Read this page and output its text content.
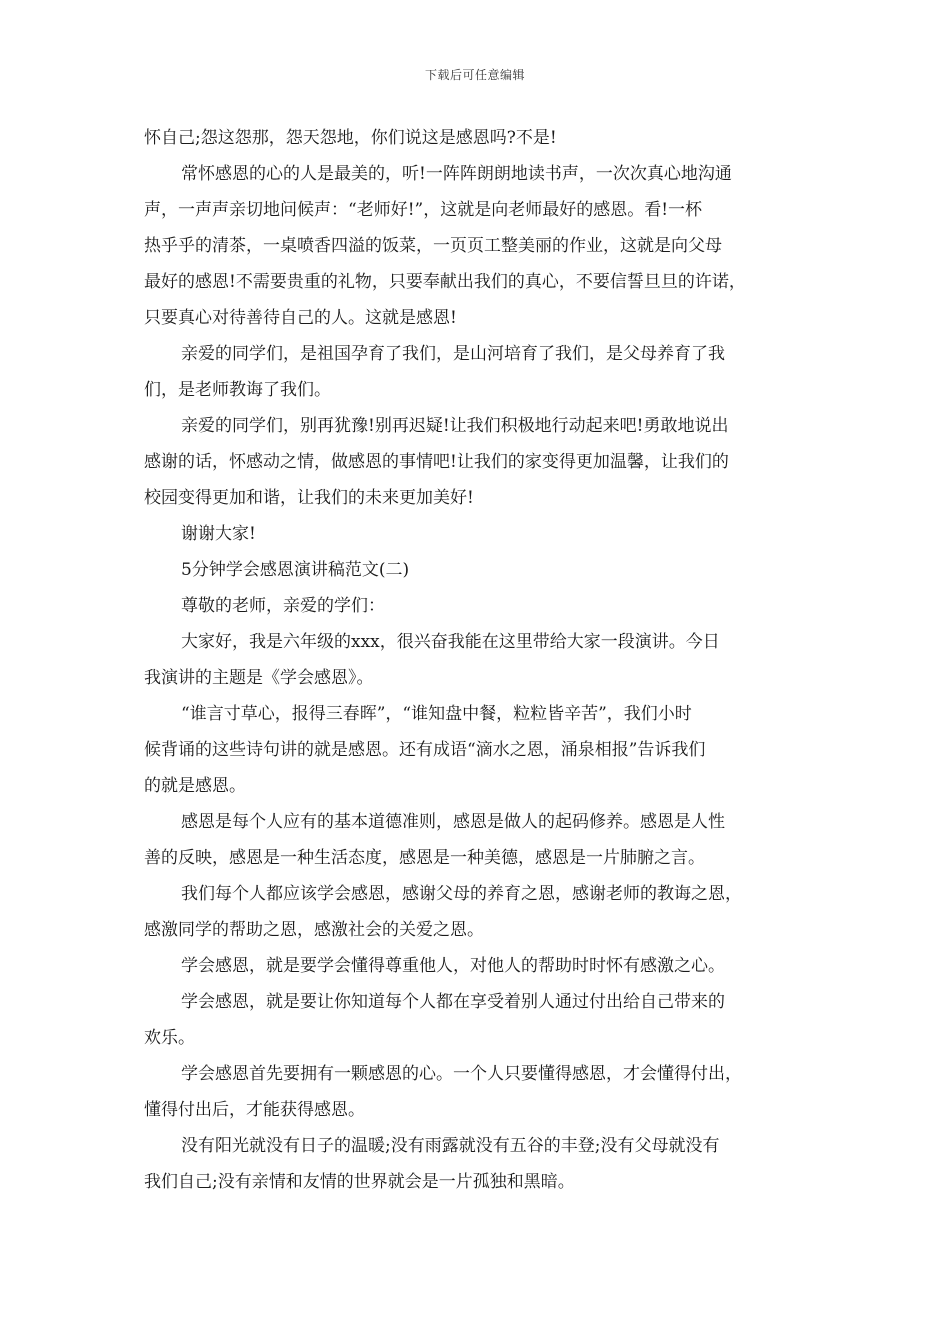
下载后可任意编辑
怀自己;怨这怨那，怨天怨地，你们说这是感恩吗?不是!
常怀感恩的心的人是最美的，听!一阵阵朗朗地读书声，一次次真心地沟通
声，一声声亲切地问候声：“老师好!”，这就是向老师最好的感恩。看!一杯
热乎乎的清茶，一桌喷香四溢的饭菜，一页页工整美丽的作业，这就是向父母
最好的感恩!不需要贵重的礼物，只要奉献出我们的真心，不要信誓旦旦的许诺，
只要真心对待善待自己的人。这就是感恩!
亲爱的同学们，是祖国孕育了我们，是山河培育了我们，是父母养育了我
们，是老师教诲了我们。
亲爱的同学们，别再犹豫!别再迟疑!让我们积极地行动起来吧!勇敢地说出
感谢的话，怀感动之情，做感恩的事情吧!让我们的家变得更加温馨，让我们的
校园变得更加和谐，让我们的未来更加美好!
谢谢大家!
5分钟学会感恩演讲稿范文(二)
尊敬的老师，亲爱的学们：
大家好，我是六年级的xxx，很兴奋我能在这里带给大家一段演讲。今日
我演讲的主题是《学会感恩》。
“谁言寸草心，报得三春晖”，“谁知盘中餐，粒粒皆辛苦”，我们小时
候背诵的这些诗句讲的就是感恩。还有成语“滴水之恩，涌泉相报”告诉我们
的就是感恩。
感恩是每个人应有的基本道德准则，感恩是做人的起码修养。感恩是人性
善的反映，感恩是一种生活态度，感恩是一种美德，感恩是一片肺腑之言。
我们每个人都应该学会感恩，感谢父母的养育之恩，感谢老师的教诲之恩，
感激同学的帮助之恩，感激社会的关爱之恩。
学会感恩，就是要学会懂得尊重他人，对他人的帮助时时怀有感激之心。
学会感恩，就是要让你知道每个人都在享受着别人通过付出给自己带来的
欢乐。
学会感恩首先要拥有一颗感恩的心。一个人只要懂得感恩，才会懂得付出，
懂得付出后，才能获得感恩。
没有阳光就没有日子的温暖;没有雨露就没有五谷的丰登;没有父母就没有
我们自己;没有亲情和友情的世界就会是一片孤独和黑暗。
